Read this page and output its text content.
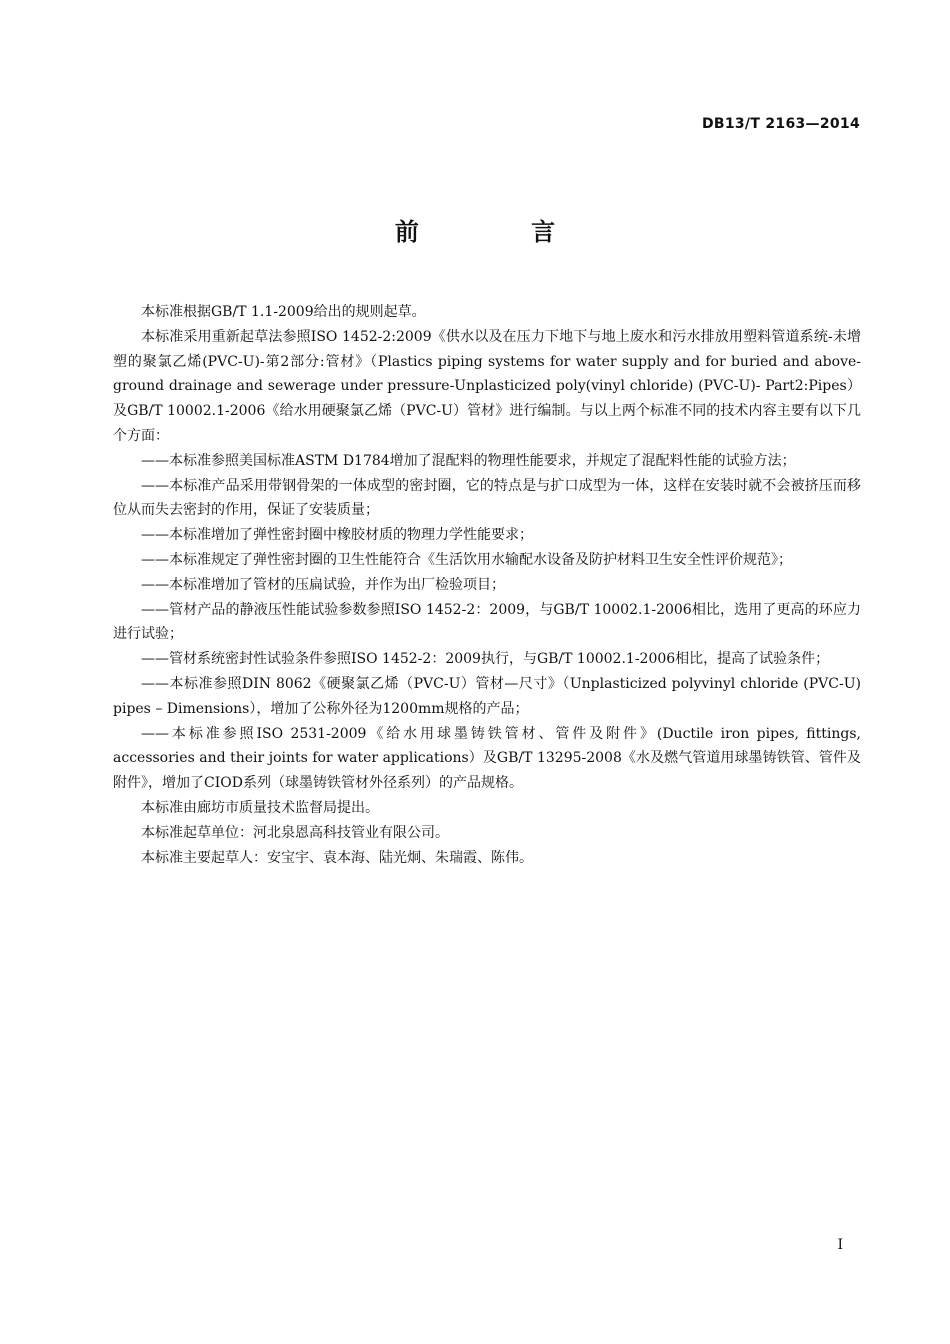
DB13/T 2163—2014
前 言

本标准根据GB/T 1.1-2009给出的规则起草。

本标准采用重新起草法参照ISO 1452-2:2009《供水以及在压力下地下与地上废水和污水排放用塑料管道系统-未增塑的聚氯乙烯(PVC-U)-第2部分:管材》（Plastics piping systems for water supply and for buried and above-ground drainage and sewerage under pressure-Unplasticized poly(vinyl chloride) (PVC-U)- Part2:Pipes）及GB/T 10002.1-2006《给水用硬聚氯乙烯（PVC-U）管材》进行编制。与以上两个标准不同的技术内容主要有以下几个方面：

——本标准参照美国标准ASTM D1784增加了混配料的物理性能要求，并规定了混配料性能的试验方法；

——本标准产品采用带钢骨架的一体成型的密封圈，它的特点是与扩口成型为一体，这样在安装时就不会被挤压而移位从而失去密封的作用，保证了安装质量；

——本标准增加了弹性密封圈中橡胶材质的物理力学性能要求；

——本标准规定了弹性密封圈的卫生性能符合《生活饮用水输配水设备及防护材料卫生安全性评价规范》；

——本标准增加了管材的压扁试验，并作为出厂检验项目；

——管材产品的静液压性能试验参数参照ISO 1452-2：2009，与GB/T 10002.1-2006相比，选用了更高的环应力进行试验；

——管材系统密封性试验条件参照ISO 1452-2：2009执行，与GB/T 10002.1-2006相比，提高了试验条件；

——本标准参照DIN 8062《硬聚氯乙烯（PVC-U）管材—尺寸》（Unplasticized polyvinyl chloride (PVC-U) pipes – Dimensions），增加了公称外径为1200mm规格的产品；

——本标准参照ISO 2531-2009《给水用球墨铸铁管材、管件及附件》(Ductile iron pipes, fittings, accessories and their joints for water applications）及GB/T 13295-2008《水及燃气管道用球墨铸铁管、管件及附件》，增加了CIOD系列（球墨铸铁管材外径系列）的产品规格。

本标准由廊坊市质量技术监督局提出。

本标准起草单位：河北泉恩高科技管业有限公司。

本标准主要起草人：安宝宇、袁本海、陆光炯、朱瑞霞、陈伟。

I
